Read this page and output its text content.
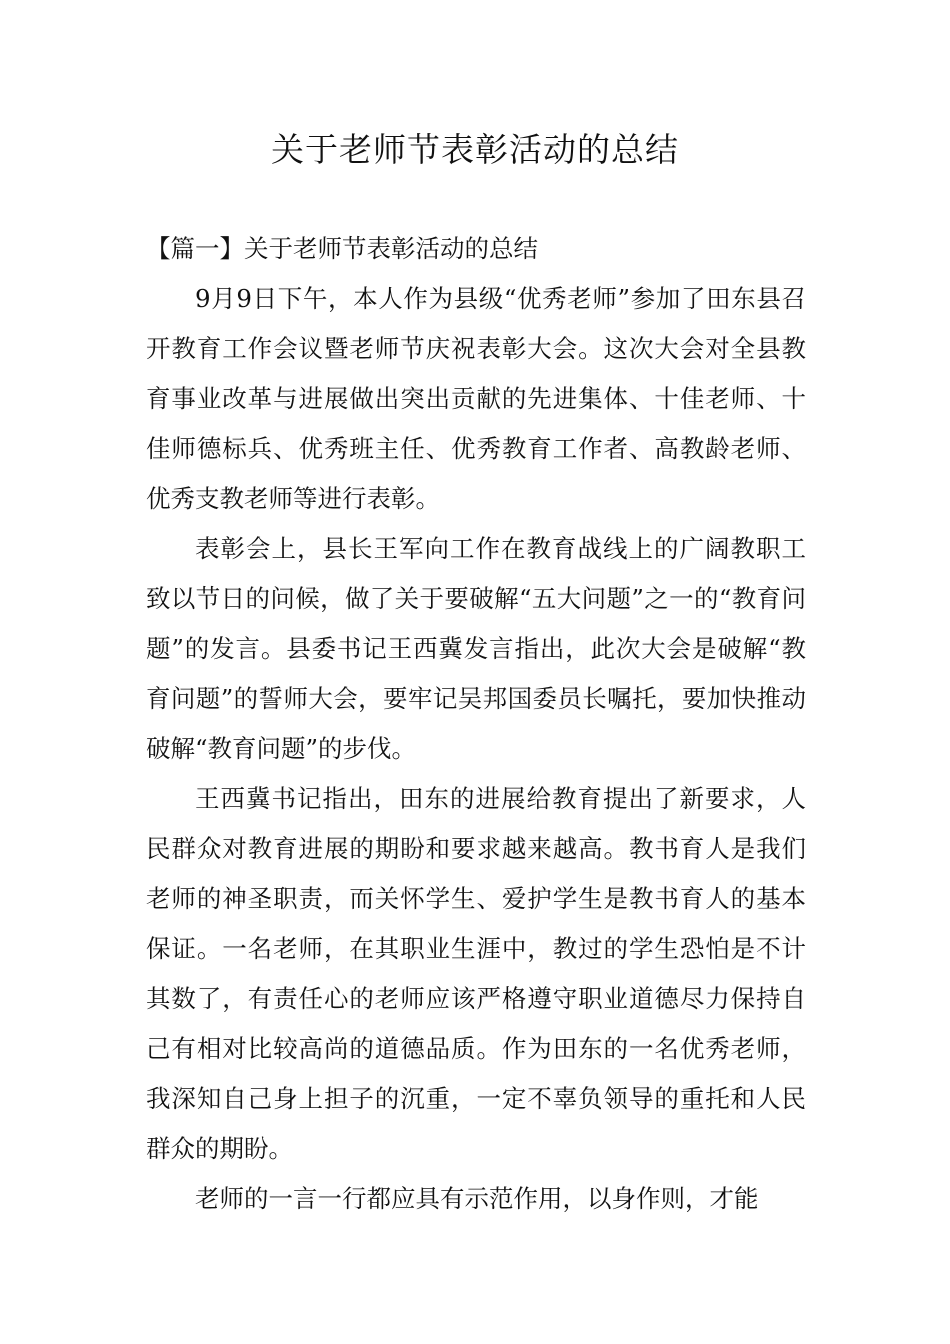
关于老师节表彰活动的总结
【篇一】关于老师节表彰活动的总结

9月9日下午，本人作为县级“优秀老师”参加了田东县召开教育工作会议暨老师节庆祝表彰大会。这次大会对全县教育事业改革与进展做出突出贡献的先进集体、十佳老师、十佳师德标兵、优秀班主任、优秀教育工作者、高教龄老师、优秀支教老师等进行表彰。

表彰会上，县长王军向工作在教育战线上的广阔教职工致以节日的问候，做了关于要破解“五大问题”之一的“教育问题”的发言。县委书记王西冀发言指出，此次大会是破解“教育问题”的誓师大会，要牢记吴邦国委员长嘱托，要加快推动破解“教育问题”的步伐。

王西冀书记指出，田东的进展给教育提出了新要求，人民群众对教育进展的期盼和要求越来越高。教书育人是我们老师的神圣职责，而关怀学生、爱护学生是教书育人的基本保证。一名老师，在其职业生涯中，教过的学生恐怕是不计其数了，有责任心的老师应该严格遵守职业道德尽力保持自己有相对比较高尚的道德品质。作为田东的一名优秀老师，我深知自己身上担子的沉重，一定不辜负领导的重托和人民群众的期盼。

老师的一言一行都应具有示范作用，以身作则，才能
